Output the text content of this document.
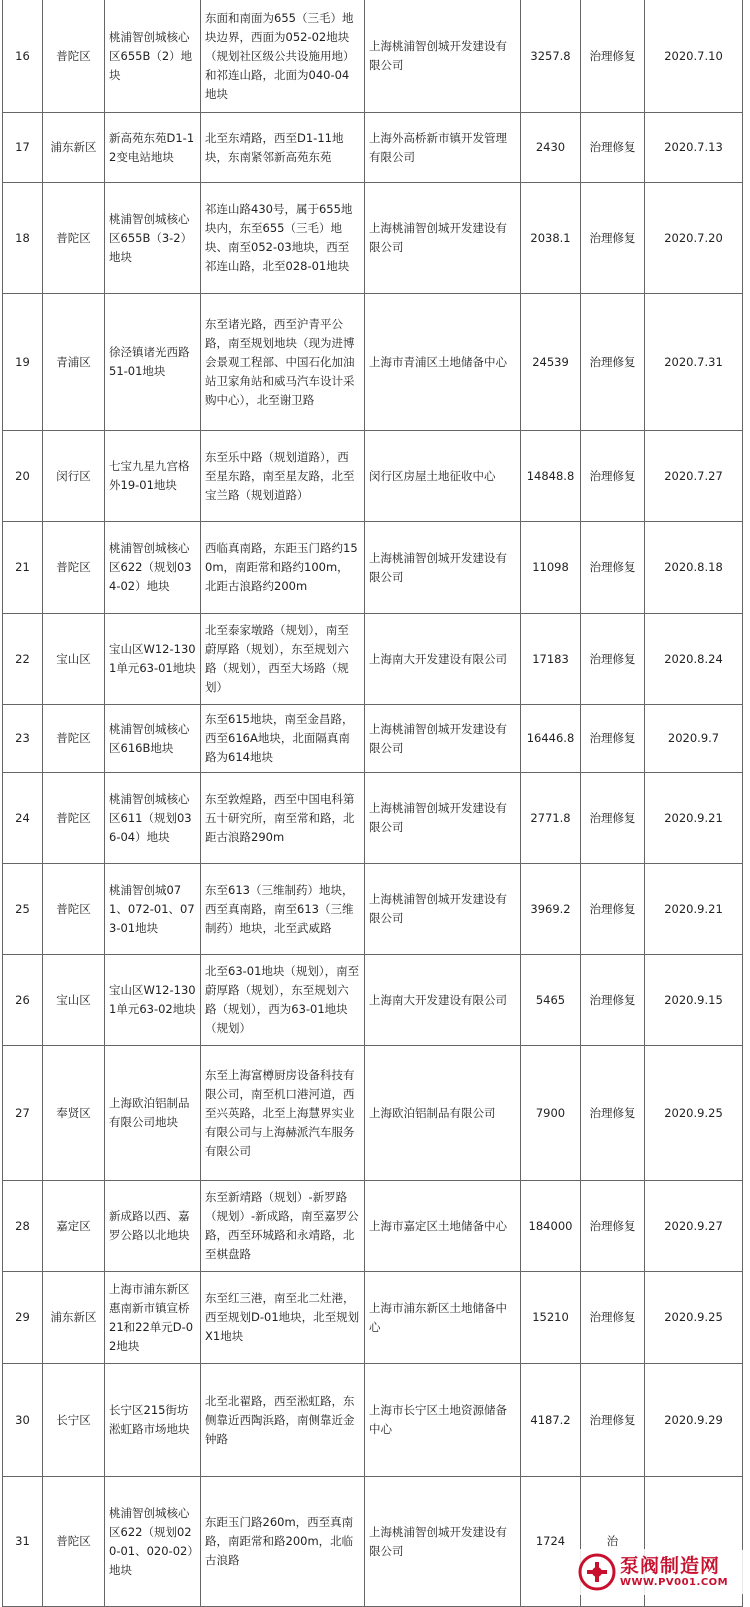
16	普陀区	桃浦智创城核心区655B（2）地块	东面和南面为655（三毛）地块边界，西面为052-02地块（规划社区级公共设施用地）和祁连山路，北面为040-04地块	上海桃浦智创城开发建设有限公司	3257.8	治理修复	2020.7.10
17	浦东新区	新高苑东苑D1-12变电站地块	北至东靖路，西至D1-11地块，东南紧邻新高苑东苑	上海外高桥新市镇开发管理有限公司	2430	治理修复	2020.7.13
18	普陀区	桃浦智创城核心区655B（3-2）地块	祁连山路430号，属于655地块内，东至655（三毛）地块、南至052-03地块，西至祁连山路，北至028-01地块	上海桃浦智创城开发建设有限公司	2038.1	治理修复	2020.7.20
19	青浦区	徐泾镇诸光西路51-01地块	东至诸光路，西至沪青平公路，南至规划地块（现为进博会景观工程部、中国石化加油站卫家角站和威马汽车设计采购中心），北至谢卫路	上海市青浦区土地储备中心	24539	治理修复	2020.7.31
20	闵行区	七宝九星九宫格外19-01地块	东至乐中路（规划道路），西至星东路，南至星友路，北至宝兰路（规划道路）	闵行区房屋土地征收中心	14848.8	治理修复	2020.7.27
21	普陀区	桃浦智创城核心区622（规划034-02）地块	西临真南路，东距玉门路约150m，南距常和路约100m，北距古浪路约200m	上海桃浦智创城开发建设有限公司	11098	治理修复	2020.8.18
22	宝山区	宝山区W12-1301单元63-01地块	北至泰家墩路（规划），南至蔚厚路（规划），东至规划六路（规划），西至大场路（规划）	上海南大开发建设有限公司	17183	治理修复	2020.8.24
23	普陀区	桃浦智创城核心区616B地块	东至615地块，南至金昌路，西至616A地块，北面隔真南路为614地块	上海桃浦智创城开发建设有限公司	16446.8	治理修复	2020.9.7
24	普陀区	桃浦智创城核心区611（规划036-04）地块	东至敦煌路，西至中国电科第五十研究所，南至常和路，北距古浪路290m	上海桃浦智创城开发建设有限公司	2771.8	治理修复	2020.9.21
25	普陀区	桃浦智创城071、072-01、073-01地块	东至613（三维制药）地块，西至真南路，南至613（三维制药）地块，北至武威路	上海桃浦智创城开发建设有限公司	3969.2	治理修复	2020.9.21
26	宝山区	宝山区W12-1301单元63-02地块	北至63-01地块（规划），南至蔚厚路（规划），东至规划六路（规划），西为63-01地块（规划）	上海南大开发建设有限公司	5465	治理修复	2020.9.15
27	奉贤区	上海欧泊铝制品有限公司地块	东至上海富樽厨房设备科技有限公司，南至机口港河道，西至兴英路，北至上海慧界实业有限公司与上海赫派汽车服务有限公司	上海欧泊铝制品有限公司	7900	治理修复	2020.9.25
28	嘉定区	新成路以西、嘉罗公路以北地块	东至新靖路（规划）-新罗路（规划）-新成路，南至嘉罗公路，西至环城路和永靖路，北至棋盘路	上海市嘉定区土地储备中心	184000	治理修复	2020.9.27
29	浦东新区	上海市浦东新区惠南新市镇宣桥21和22单元D-02地块	东至红三港，南至北二灶港，西至规划D-01地块，北至规划X1地块	上海市浦东新区土地储备中心	15210	治理修复	2020.9.25
30	长宁区	长宁区215街坊淞虹路市场地块	北至北翟路，西至淞虹路，东侧靠近西陶浜路，南侧靠近金钟路	上海市长宁区土地资源储备中心	4187.2	治理修复	2020.9.29
31	普陀区	桃浦智创城核心区622（规划020-01、020-02）地块	东距玉门路260m，西至真南路，南距常和路200m，北临古浪路	上海桃浦智创城开发建设有限公司	1724	治	
泵阀制造网
WWW.PV001.COM
